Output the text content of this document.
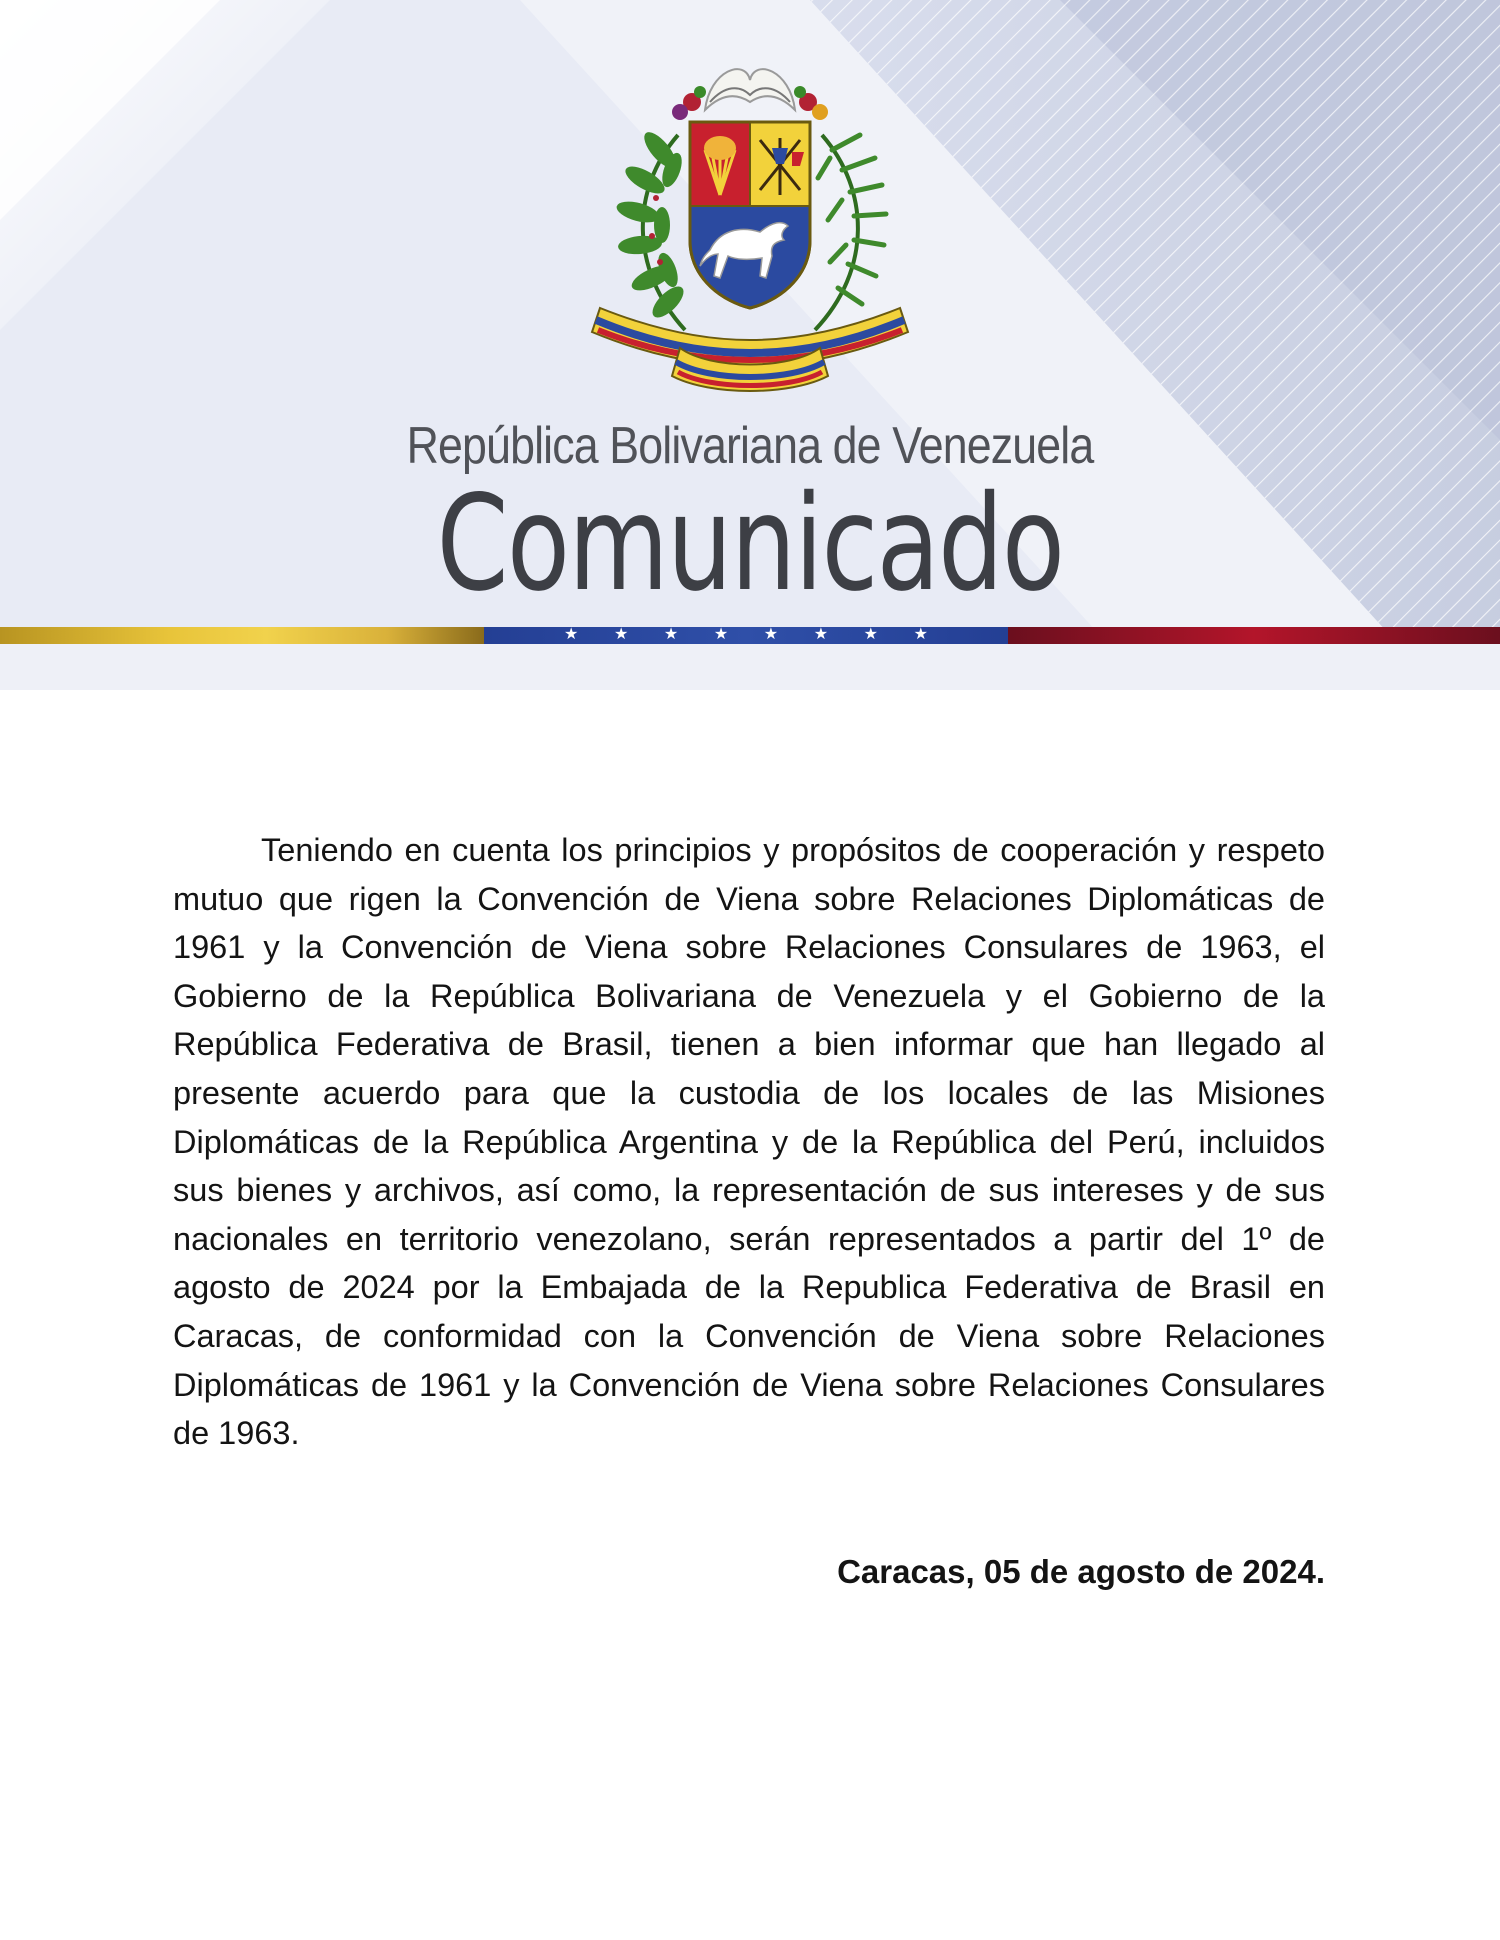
República Bolivariana de Venezuela
Comunicado
★ ★ ★ ★ ★ ★ ★ ★

Teniendo en cuenta los principios y propósitos de cooperación y respeto mutuo que rigen la Convención de Viena sobre Relaciones Diplomáticas de 1961 y la Convención de Viena sobre Relaciones Consulares de 1963, el Gobierno de la República Bolivariana de Venezuela y el Gobierno de la República Federativa de Brasil, tienen a bien informar que han llegado al presente acuerdo para que la custodia de los locales de las Misiones Diplomáticas de la República Argentina y de la República del Perú, incluidos sus bienes y archivos, así como, la representación de sus intereses y de sus nacionales en territorio venezolano, serán representados a partir del 1º de agosto de 2024 por la Embajada de la Republica Federativa de Brasil en Caracas, de conformidad con la Convención de Viena sobre Relaciones Diplomáticas de 1961 y la Convención de Viena sobre Relaciones Consulares de 1963.

Caracas, 05 de agosto de 2024.
